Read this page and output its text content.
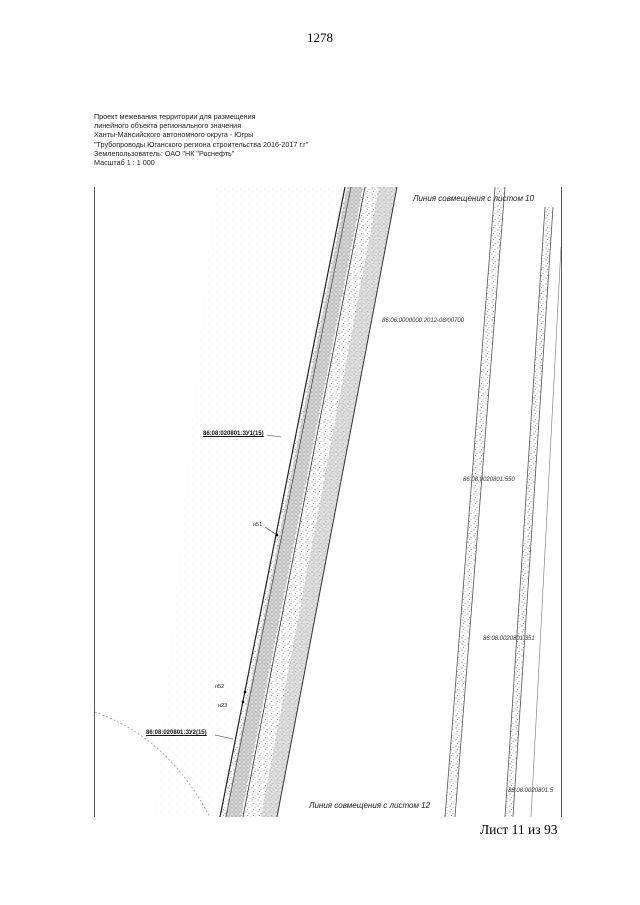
1278
Проект межевания территории для размещения
линейного объекта регионального значения
Ханты-Мансийского автономного округа - Югры
"Трубопроводы Юганского региона строительства 2016-2017 г.г"
Землепользователь: ОАО "НК "Роснефть"
Масштаб 1 : 1 000
Линия совмещения с листом 10
Линия совмещения с листом 12
86:06:0000000:2012-08/00700
86:08:0020801:550
86:08:0020801:351
86:08:0020801:5
86:08:020801:ЗУ1(15)
86:08:020801:ЗУ2(15)
н51
н52
н23
Лист 11 из 93
